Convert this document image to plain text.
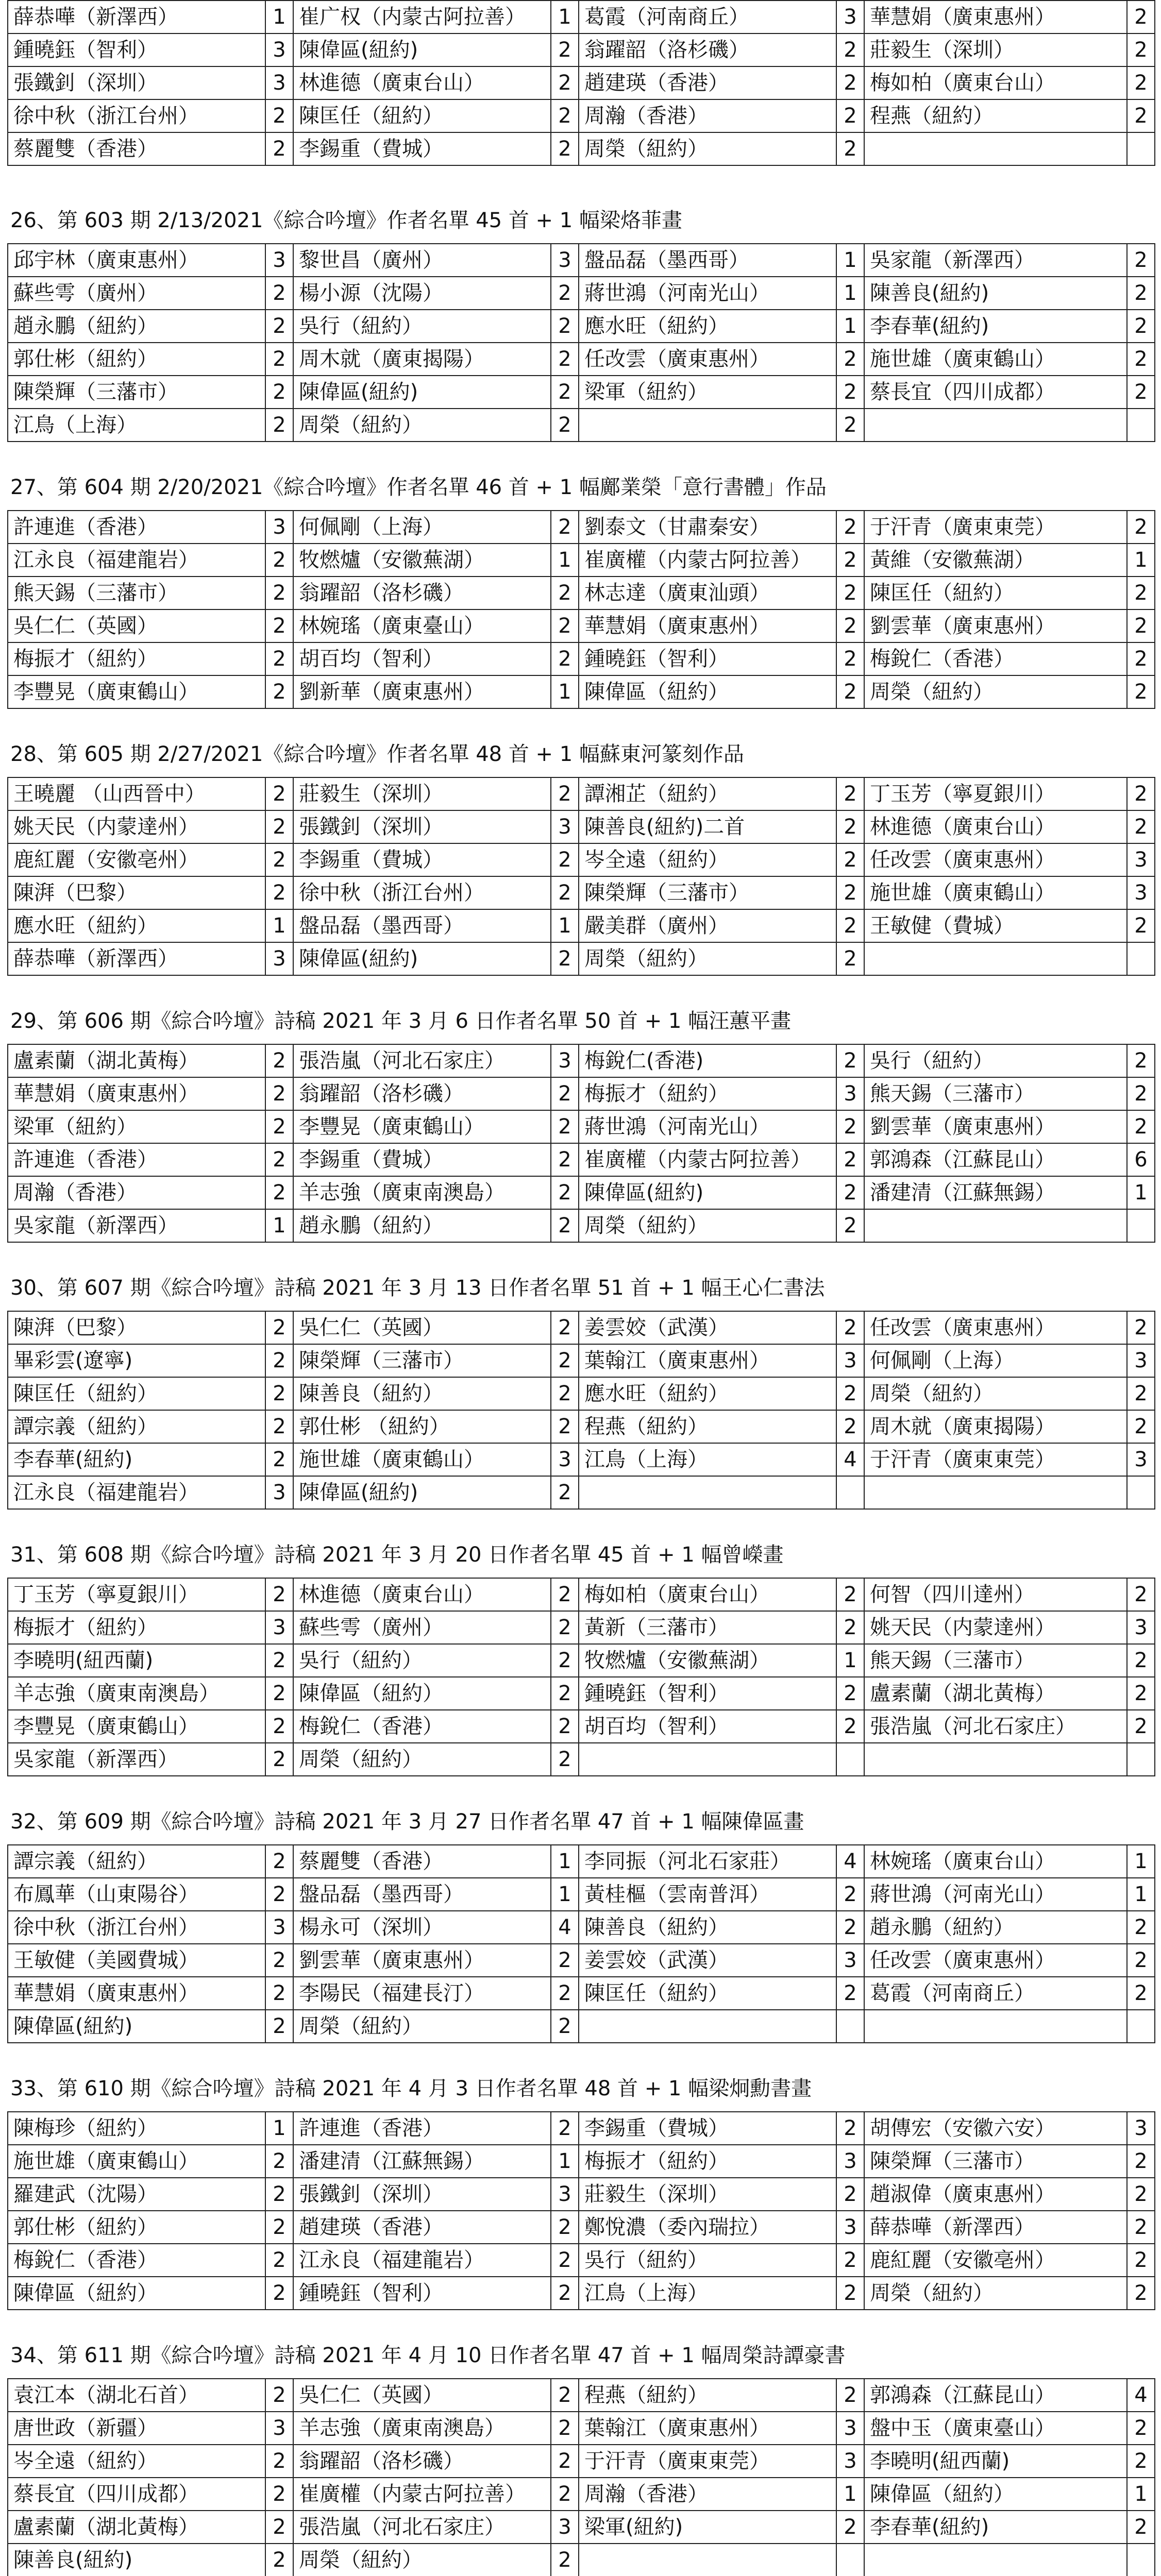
薛恭嘩（新澤西）	1	崔广权（内蒙古阿拉善）	1	葛霞（河南商丘）	3	華慧娟（廣東惠州）	2
鍾曉鈺（智利）	3	陳偉區(紐約)	2	翁躍韶（洛杉磯）	2	莊毅生（深圳）	2
張鐵釗（深圳）	3	林進德（廣東台山）	2	趙建瑛（香港）	2	梅如柏（廣東台山）	2
徐中秋（浙江台州）	2	陳匡任（紐約）	2	周瀚（香港）	2	程燕（紐約）	2
蔡麗雙（香港）	2	李錫重（費城）	2	周榮（紐約）	2		
26、第 603 期 2/13/2021《綜合吟壇》作者名單 45 首 + 1 幅梁烙菲畫
邱宇林（廣東惠州）	3	黎世昌（廣州）	3	盤品磊（墨西哥）	1	吳家龍（新澤西）	2
蘇些雩（廣州）	2	楊小源（沈陽）	2	蔣世鴻（河南光山）	1	陳善良(紐約)	2
趙永鵬（紐約）	2	吳行（紐約）	2	應水旺（紐約）	1	李春華(紐約)	2
郭仕彬（紐約）	2	周木就（廣東揭陽）	2	任改雲（廣東惠州）	2	施世雄（廣東鶴山）	2
陳榮輝（三藩市）	2	陳偉區(紐約)	2	梁軍（紐約）	2	蔡長宜（四川成都）	2
江鳥（上海）	2	周榮（紐約）	2		2		
27、第 604 期 2/20/2021《綜合吟壇》作者名單 46 首 + 1 幅鄺業榮「意行書體」作品
許連進（香港）	3	何佩剛（上海）	2	劉泰文（甘肅秦安）	2	于汗青（廣東東莞）	2
江永良（福建龍岩）	2	牧燃爐（安徽蕪湖）	1	崔廣權（内蒙古阿拉善）	2	黃維（安徽蕪湖）	1
熊天錫（三藩市）	2	翁躍韶（洛杉磯）	2	林志達（廣東汕頭）	2	陳匡任（紐約）	2
吳仁仁（英國）	2	林婉瑤（廣東臺山）	2	華慧娟（廣東惠州）	2	劉雲華（廣東惠州）	2
梅振才（紐約）	2	胡百均（智利）	2	鍾曉鈺（智利）	2	梅銳仁（香港）	2
李豐晃（廣東鶴山）	2	劉新華（廣東惠州）	1	陳偉區（紐約）	2	周榮（紐約）	2
28、第 605 期 2/27/2021《綜合吟壇》作者名單 48 首 + 1 幅蘇東河篆刻作品
王曉麗 （山西晉中）	2	莊毅生（深圳）	2	譚湘芷（紐約）	2	丁玉芳（寧夏銀川）	2
姚天民（内蒙達州）	2	張鐵釗（深圳）	3	陳善良(紐約)二首	2	林進德（廣東台山）	2
鹿紅麗（安徽亳州）	2	李錫重（費城）	2	岑全遠（紐約）	2	任改雲（廣東惠州）	3
陳湃（巴黎）	2	徐中秋（浙江台州）	2	陳榮輝（三藩市）	2	施世雄（廣東鶴山）	3
應水旺（紐約）	1	盤品磊（墨西哥）	1	嚴美群（廣州）	2	王敏健（費城）	2
薛恭嘩（新澤西）	3	陳偉區(紐約)	2	周榮（紐約）	2		
29、第 606 期《綜合吟壇》詩稿 2021 年 3 月 6 日作者名單 50 首 + 1 幅汪蕙平畫
盧素蘭（湖北黃梅）	2	張浩嵐（河北石家庄）	3	梅銳仁(香港)	2	吳行（紐約）	2
華慧娟（廣東惠州）	2	翁躍韶（洛杉磯）	2	梅振才（紐約）	3	熊天錫（三藩市）	2
梁軍（紐約）	2	李豐晃（廣東鶴山）	2	蔣世鴻（河南光山）	2	劉雲華（廣東惠州）	2
許連進（香港）	2	李錫重（費城）	2	崔廣權（内蒙古阿拉善）	2	郭鴻森（江蘇昆山）	6
周瀚（香港）	2	羊志強（廣東南澳島）	2	陳偉區(紐約)	2	潘建清（江蘇無錫）	1
吳家龍（新澤西）	1	趙永鵬（紐約）	2	周榮（紐約）	2		
30、第 607 期《綜合吟壇》詩稿 2021 年 3 月 13 日作者名單 51 首 + 1 幅王心仁書法
陳湃（巴黎）	2	吳仁仁（英國）	2	姜雲姣（武漢）	2	任改雲（廣東惠州）	2
畢彩雲(遼寧)	2	陳榮輝（三藩市）	2	葉翰江（廣東惠州）	3	何佩剛（上海）	3
陳匡任（紐約）	2	陳善良（紐約）	2	應水旺（紐約）	2	周榮（紐約）	2
譚宗義（紐約）	2	郭仕彬 （紐約）	2	程燕（紐約）	2	周木就（廣東揭陽）	2
李春華(紐約)	2	施世雄（廣東鶴山）	3	江鳥（上海）	4	于汗青（廣東東莞）	3
江永良（福建龍岩）	3	陳偉區(紐約)	2				
31、第 608 期《綜合吟壇》詩稿 2021 年 3 月 20 日作者名單 45 首 + 1 幅曾嶸畫
丁玉芳（寧夏銀川）	2	林進德（廣東台山）	2	梅如柏（廣東台山）	2	何智（四川達州）	2
梅振才（紐約）	3	蘇些雩（廣州）	2	黃新（三藩市）	2	姚天民（内蒙達州）	3
李曉明(紐西蘭)	2	吳行（紐約）	2	牧燃爐（安徽蕪湖）	1	熊天錫（三藩市）	2
羊志強（廣東南澳島）	2	陳偉區（紐約）	2	鍾曉鈺（智利）	2	盧素蘭（湖北黃梅）	2
李豐晃（廣東鶴山）	2	梅銳仁（香港）	2	胡百均（智利）	2	張浩嵐（河北石家庄）	2
吳家龍（新澤西）	2	周榮（紐約）	2				
32、第 609 期《綜合吟壇》詩稿 2021 年 3 月 27 日作者名單 47 首 + 1 幅陳偉區畫
譚宗義（紐約）	2	蔡麗雙（香港）	1	李同振（河北石家莊）	4	林婉瑤（廣東台山）	1
布鳳華（山東陽谷）	2	盤品磊（墨西哥）	1	黃桂樞（雲南普洱）	2	蔣世鴻（河南光山）	1
徐中秋（浙江台州）	3	楊永可（深圳）	4	陳善良（紐約）	2	趙永鵬（紐約）	2
王敏健（美國費城）	2	劉雲華（廣東惠州）	2	姜雲姣（武漢）	3	任改雲（廣東惠州）	2
華慧娟（廣東惠州）	2	李陽民（福建長汀）	2	陳匡任（紐約）	2	葛霞（河南商丘）	2
陳偉區(紐約)	2	周榮（紐約）	2				
33、第 610 期《綜合吟壇》詩稿 2021 年 4 月 3 日作者名單 48 首 + 1 幅梁炯勳書畫
陳梅珍（紐約）	1	許連進（香港）	2	李錫重（費城）	2	胡傳宏（安徽六安）	3
施世雄（廣東鶴山）	2	潘建清（江蘇無錫）	1	梅振才（紐約）	3	陳榮輝（三藩市）	2
羅建武（沈陽）	2	張鐵釗（深圳）	3	莊毅生（深圳）	2	趙淑偉（廣東惠州）	2
郭仕彬（紐約）	2	趙建瑛（香港）	2	鄭悅濃（委內瑞拉）	3	薛恭嘩（新澤西）	2
梅銳仁（香港）	2	江永良（福建龍岩）	2	吳行（紐約）	2	鹿紅麗（安徽亳州）	2
陳偉區（紐約）	2	鍾曉鈺（智利）	2	江鳥（上海）	2	周榮（紐約）	2
34、第 611 期《綜合吟壇》詩稿 2021 年 4 月 10 日作者名單 47 首 + 1 幅周榮詩譚豪書
袁江本（湖北石首）	2	吳仁仁（英國）	2	程燕（紐約）	2	郭鴻森（江蘇昆山）	4
唐世政（新疆）	3	羊志強（廣東南澳島）	2	葉翰江（廣東惠州）	3	盤中玉（廣東臺山）	2
岑全遠（紐約）	2	翁躍韶（洛杉磯）	2	于汗青（廣東東莞）	3	李曉明(紐西蘭)	2
蔡長宜（四川成都）	2	崔廣權（内蒙古阿拉善）	2	周瀚（香港）	1	陳偉區（紐約）	1
盧素蘭（湖北黃梅）	2	張浩嵐（河北石家庄）	3	梁軍(紐約)	2	李春華(紐約)	2
陳善良(紐約)	2	周榮（紐約）	2				
